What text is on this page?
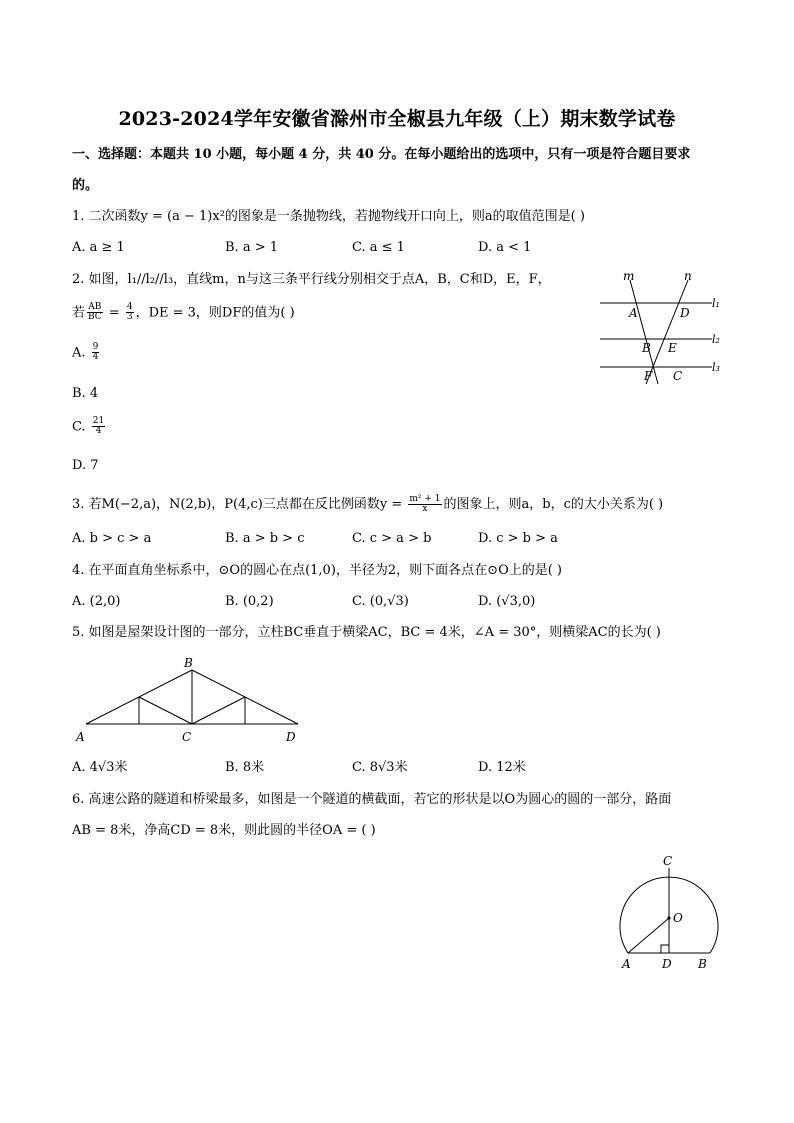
2023-2024学年安徽省滁州市全椒县九年级（上）期末数学试卷
一、选择题：本题共 10 小题，每小题 4 分，共 40 分。在每小题给出的选项中，只有一项是符合题目要求
的。
1. 二次函数y = (a − 1)x²的图象是一条抛物线，若抛物线开口向上，则a的取值范围是( )
A. a ≥ 1	B. a > 1	C. a ≤ 1	D. a < 1
2. 如图，l₁//l₂//l₃，直线m，n与这三条平行线分别相交于点A，B，C和D，E，F，
若 $\frac{AB}{BC} = \frac{4}{3}$ ，DE = 3，则DF的值为( )
A. $\frac{9}{4}$
B. 4
C. $\frac{21}{4}$
D. 7
m	n
l₁
l₂
l₃
A	D
B E
F C
3. 若M(−2,a)，N(2,b)，P(4,c)三点都在反比例函数$y = \frac{\text{m² + 1}}{x}$ 的图象上，则a，b，c的大小关系为( )
A. b > c > a	B. a > b > c	C. c > a > b	D. c > b > a
4. 在平面直角坐标系中，⊙O的圆心在点(1,0)，半径为2，则下面各点在⊙O上的是( )
A. (2,0)	B. (0,2)	C. (0,√3)	D. (√3,0)
5. 如图是屋架设计图的一部分，立柱BC垂直于横梁AC，BC = 4米，∠A = 30°，则横梁AC的长为( )
B
A	C	D
A. 4√3米	B. 8米	C. 8√3米	D. 12米
6. 高速公路的隧道和桥梁最多，如图是一个隧道的横截面，若它的形状是以O为圆心的圆的一部分，路面
AB = 8米，净高CD = 8米，则此圆的半径OA = ( )
C
O
A	D B
